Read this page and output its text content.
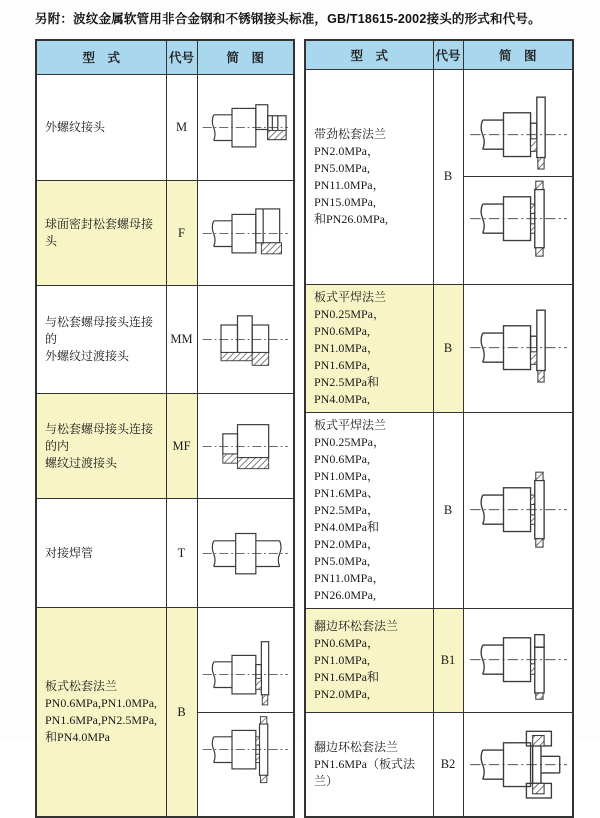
另附：波纹金属软管用非合金钢和不锈钢接头标准，GB/T18615-2002接头的形式和代号。
型　式	代号	简　图
外螺纹接头	M	

球面密封松套螺母接头	F	

与松套螺母接头连接的
外螺纹过渡接头	MM	

与松套螺母接头连接的内
螺纹过渡接头	MF	

对接焊管	T	

板式松套法兰
PN0.6MPa,PN1.0MPa,
PN1.6MPa,PN2.5MPa,
和PN4.0MPa	B	
型　式	代号	简　图
带劲松套法兰
PN2.0MPa，PN5.0MPa,
PN11.0MPa，PN15.0MPa,
和PN26.0MPa,	B	

板式平焊法兰
PN0.25MPa，PN0.6MPa,
PN1.0MPa，PN1.6MPa,
PN2.5MPa和PN4.0MPa,	B	

板式平焊法兰
PN0.25MPa，PN0.6MPa,
PN1.0MPa，PN1.6MPa、
PN2.5MPa，PN4.0MPa和
PN2.0MPa，PN5.0MPa,
PN11.0MPa，PN26.0MPa,	B	

翻边环松套法兰
PN0.6MPa，PN1.0MPa,
PN1.6MPa和PN2.0MPa,	B1	

翻边环松套法兰
PN1.6MPa（板式法兰）	B2	
